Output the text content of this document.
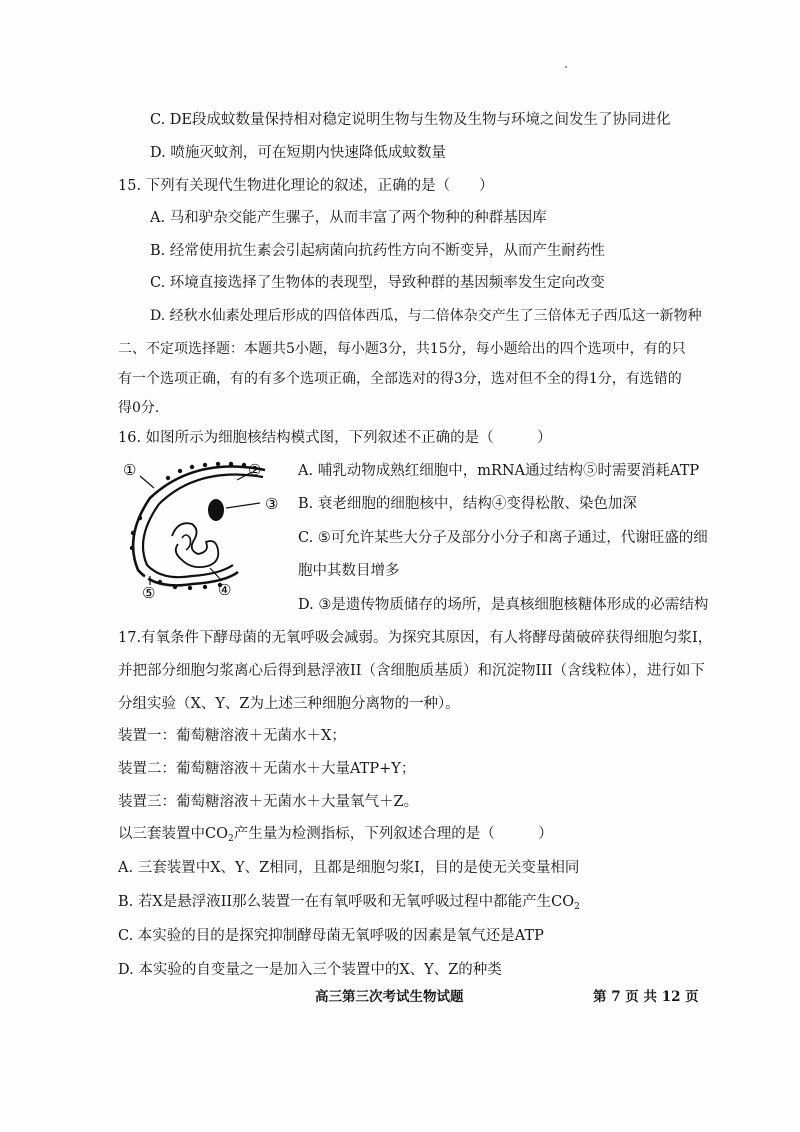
C. DE段成蚊数量保持相对稳定说明生物与生物及生物与环境之间发生了协同进化
D. 喷施灭蚊剂，可在短期内快速降低成蚊数量
15. 下列有关现代生物进化理论的叙述，正确的是（　　）
A. 马和驴杂交能产生骡子，从而丰富了两个物种的种群基因库
B. 经常使用抗生素会引起病菌向抗药性方向不断变异，从而产生耐药性
C. 环境直接选择了生物体的表现型，导致种群的基因频率发生定向改变
D. 经秋水仙素处理后形成的四倍体西瓜，与二倍体杂交产生了三倍体无子西瓜这一新物种
二、不定项选择题：本题共5小题，每小题3分，共15分，每小题给出的四个选项中，有的只
有一个选项正确，有的有多个选项正确，全部选对的得3分，选对但不全的得1分，有选错的
得0分.
16. 如图所示为细胞核结构模式图，下列叙述不正确的是（　　　）
①	②
③
④
⑤
A. 哺乳动物成熟红细胞中，mRNA通过结构⑤时需要消耗ATP
B. 衰老细胞的细胞核中，结构④变得松散、染色加深
C. ⑤可允许某些大分子及部分小分子和离子通过，代谢旺盛的细
胞中其数目增多
D. ③是遗传物质储存的场所，是真核细胞核糖体形成的必需结构
17.有氧条件下酵母菌的无氧呼吸会减弱。为探究其原因，有人将酵母菌破碎获得细胞匀浆I，
并把部分细胞匀浆离心后得到悬浮液II（含细胞质基质）和沉淀物III（含线粒体），进行如下
分组实验（X、Y、Z为上述三种细胞分离物的一种）。
装置一：葡萄糖溶液＋无菌水＋X；
装置二：葡萄糖溶液＋无菌水＋大量ATP+Y；
装置三：葡萄糖溶液＋无菌水＋大量氧气＋Z。
以三套装置中$CO_2$产生量为检测指标，下列叙述合理的是（　　　）
A. 三套装置中X、Y、Z相同，且都是细胞匀浆I，目的是使无关变量相同
B. 若X是悬浮液II那么装置一在有氧呼吸和无氧呼吸过程中都能产生$CO_2$
C. 本实验的目的是探究抑制酵母菌无氧呼吸的因素是氧气还是ATP
D. 本实验的自变量之一是加入三个装置中的X、Y、Z的种类
高三第三次考试生物试题	第 7 页 共 12 页
